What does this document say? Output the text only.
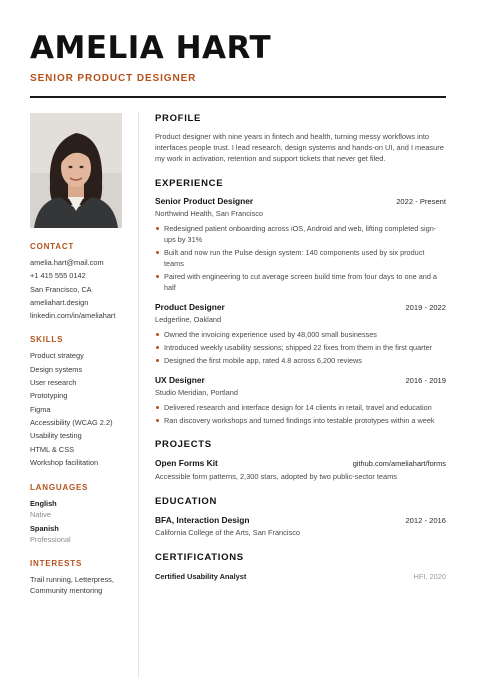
AMELIA HART
SENIOR PRODUCT DESIGNER
CONTACT
amelia.hart@mail.com
+1 415 555 0142
San Francisco, CA
ameliahart.design
linkedin.com/in/ameliahart
SKILLS
Product strategy
Design systems
User research
Prototyping
Figma
Accessibility (WCAG 2.2)
Usability testing
HTML & CSS
Workshop facilitation
LANGUAGES
English
Native
Spanish
Professional
INTERESTS
Trail running, Letterpress, Community mentoring
PROFILE
Product designer with nine years in fintech and health, turning messy workflows into interfaces people trust. I lead research, design systems and hands-on UI, and I measure my work in activation, retention and support tickets that never get filed.
EXPERIENCE
Senior Product Designer	2022 - Present
Northwind Health, San Francisco
Redesigned patient onboarding across iOS, Android and web, lifting completed sign-ups by 31%
Built and now run the Pulse design system: 140 components used by six product teams
Paired with engineering to cut average screen build time from four days to one and a half
Product Designer	2019 - 2022
Ledgerline, Oakland
Owned the invoicing experience used by 48,000 small businesses
Introduced weekly usability sessions; shipped 22 fixes from them in the first quarter
Designed the first mobile app, rated 4.8 across 6,200 reviews
UX Designer	2016 - 2019
Studio Meridian, Portland
Delivered research and interface design for 14 clients in retail, travel and education
Ran discovery workshops and turned findings into testable prototypes within a week
PROJECTS
Open Forms Kit	github.com/ameliahart/forms
Accessible form patterns, 2,300 stars, adopted by two public-sector teams
EDUCATION
BFA, Interaction Design	2012 - 2016
California College of the Arts, San Francisco
CERTIFICATIONS
Certified Usability Analyst	HFI, 2020
